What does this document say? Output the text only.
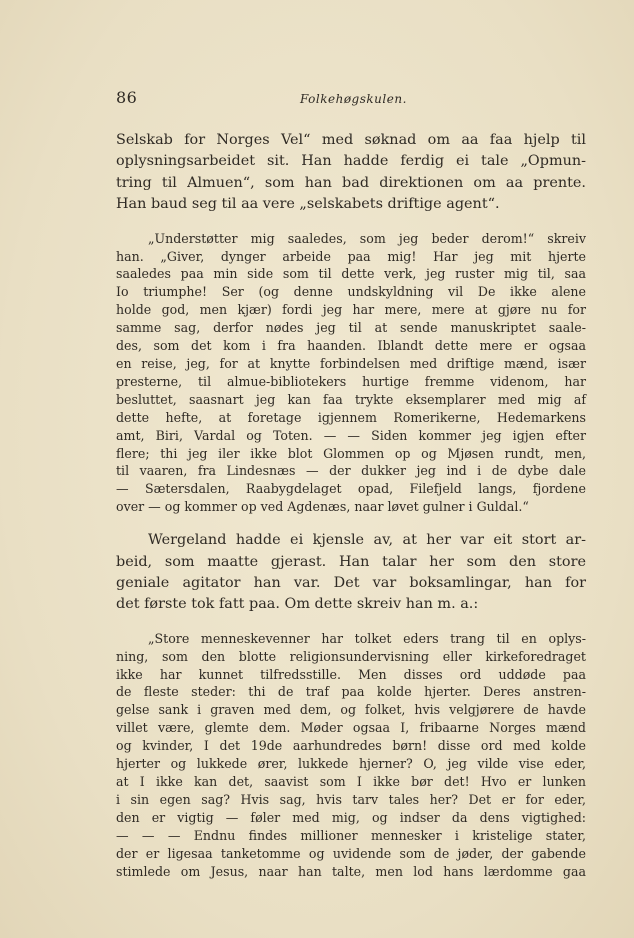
86	Folkehøgskulen.
Selskab for Norges Vel“ med søknad om aa faa hjelp til
oplysningsarbeidet sit. Han hadde ferdig ei tale „Opmun-
tring til Almuen“, som han bad direktionen om aa prente.
Han baud seg til aa vere „selskabets driftige agent“.
„Understøtter mig saaledes, som jeg beder derom!“ skreiv
han. „Giver, dynger arbeide paa mig! Har jeg mit hjerte
saaledes paa min side som til dette verk, jeg ruster mig til, saa
Io triumphe! Ser (og denne undskyldning vil De ikke alene
holde god, men kjær) fordi jeg har mere, mere at gjøre nu for
samme sag, derfor nødes jeg til at sende manuskriptet saale-
des, som det kom i fra haanden. Iblandt dette mere er ogsaa
en reise, jeg, for at knytte forbindelsen med driftige mænd, især
presterne, til almue-bibliotekers hurtige fremme videnom, har
besluttet, saasnart jeg kan faa trykte eksemplarer med mig af
dette hefte, at foretage igjennem Romerikerne, Hedemarkens
amt, Biri, Vardal og Toten. — — Siden kommer jeg igjen efter
flere; thi jeg iler ikke blot Glommen op og Mjøsen rundt, men,
til vaaren, fra Lindesnæs — der dukker jeg ind i de dybe dale
— Sætersdalen, Raabygdelaget opad, Filefjeld langs, fjordene
over — og kommer op ved Agdenæs, naar løvet gulner i Guldal.“
Wergeland hadde ei kjensle av, at her var eit stort ar-
beid, som maatte gjerast. Han talar her som den store
geniale agitator han var. Det var boksamlingar, han for
det første tok fatt paa. Om dette skreiv han m. a.:
„Store menneskevenner har tolket eders trang til en oplys-
ning, som den blotte religionsundervisning eller kirkeforedraget
ikke har kunnet tilfredsstille. Men disses ord uddøde paa
de fleste steder: thi de traf paa kolde hjerter. Deres anstren-
gelse sank i graven med dem, og folket, hvis velgjørere de havde
villet være, glemte dem. Møder ogsaa I, fribaarne Norges mænd
og kvinder, I det 19de aarhundredes børn! disse ord med kolde
hjerter og lukkede ører, lukkede hjerner? O, jeg vilde vise eder,
at I ikke kan det, saavist som I ikke bør det! Hvo er lunken
i sin egen sag? Hvis sag, hvis tarv tales her? Det er for eder,
den er vigtig — føler med mig, og indser da dens vigtighed:
— — — Endnu findes millioner mennesker i kristelige stater,
der er ligesaa tanketomme og uvidende som de jøder, der gabende
stimlede om Jesus, naar han talte, men lod hans lærdomme gaa
